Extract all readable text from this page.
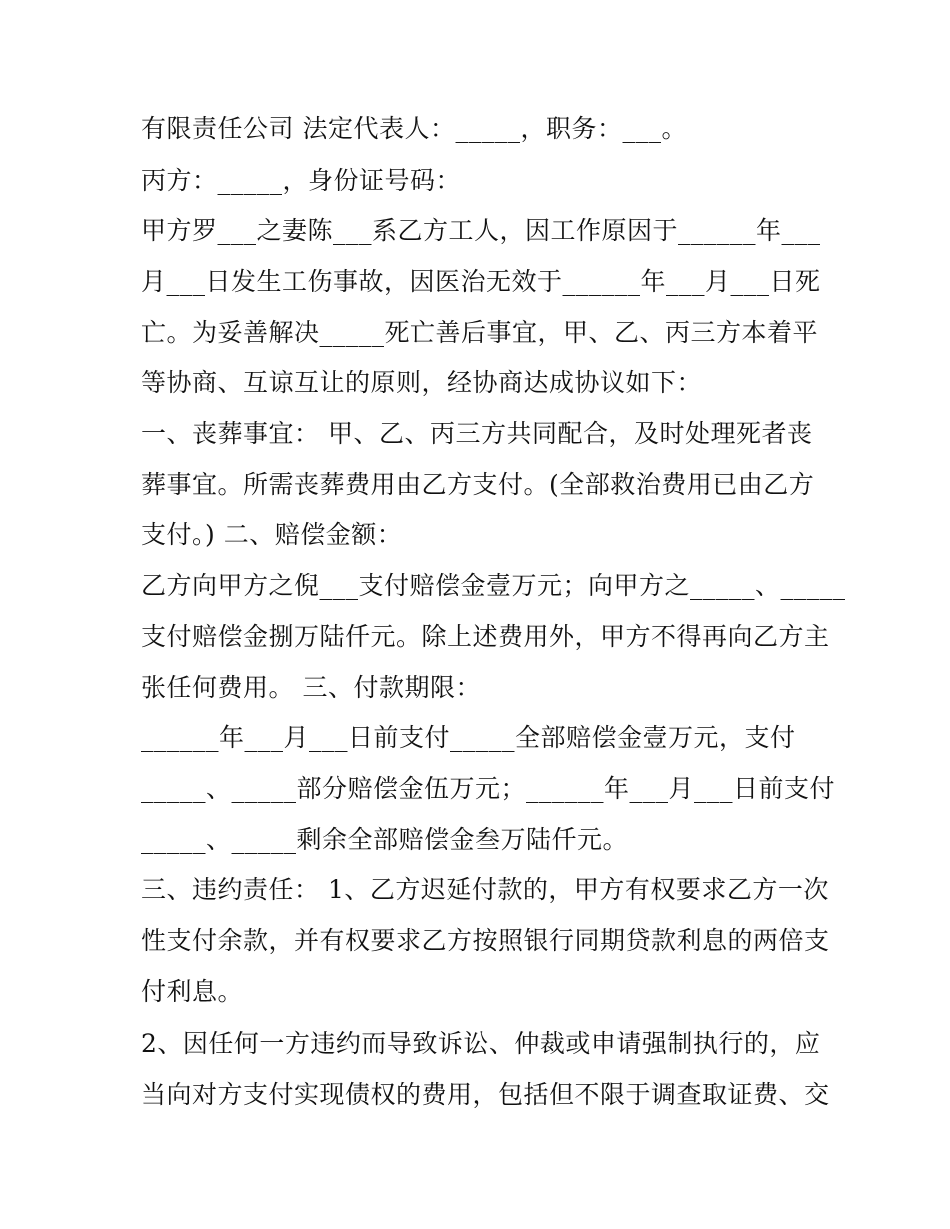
有限责任公司 法定代表人：_____，职务：___。
丙方：_____，身份证号码：
甲方罗___之妻陈___系乙方工人，因工作原因于______年___
月___日发生工伤事故，因医治无效于______年___月___日死
亡。为妥善解决_____死亡善后事宜，甲、乙、丙三方本着平
等协商、互谅互让的原则，经协商达成协议如下：
一、丧葬事宜： 甲、乙、丙三方共同配合，及时处理死者丧
葬事宜。所需丧葬费用由乙方支付。(全部救治费用已由乙方
支付。) 二、赔偿金额：
乙方向甲方之倪___支付赔偿金壹万元；向甲方之_____、_____
支付赔偿金捌万陆仟元。除上述费用外，甲方不得再向乙方主
张任何费用。 三、付款期限：
______年___月___日前支付_____全部赔偿金壹万元，支付
_____、_____部分赔偿金伍万元；______年___月___日前支付
_____、_____剩余全部赔偿金叁万陆仟元。
三、违约责任： 1、乙方迟延付款的，甲方有权要求乙方一次
性支付余款，并有权要求乙方按照银行同期贷款利息的两倍支
付利息。
2、因任何一方违约而导致诉讼、仲裁或申请强制执行的，应
当向对方支付实现债权的费用，包括但不限于调查取证费、交
